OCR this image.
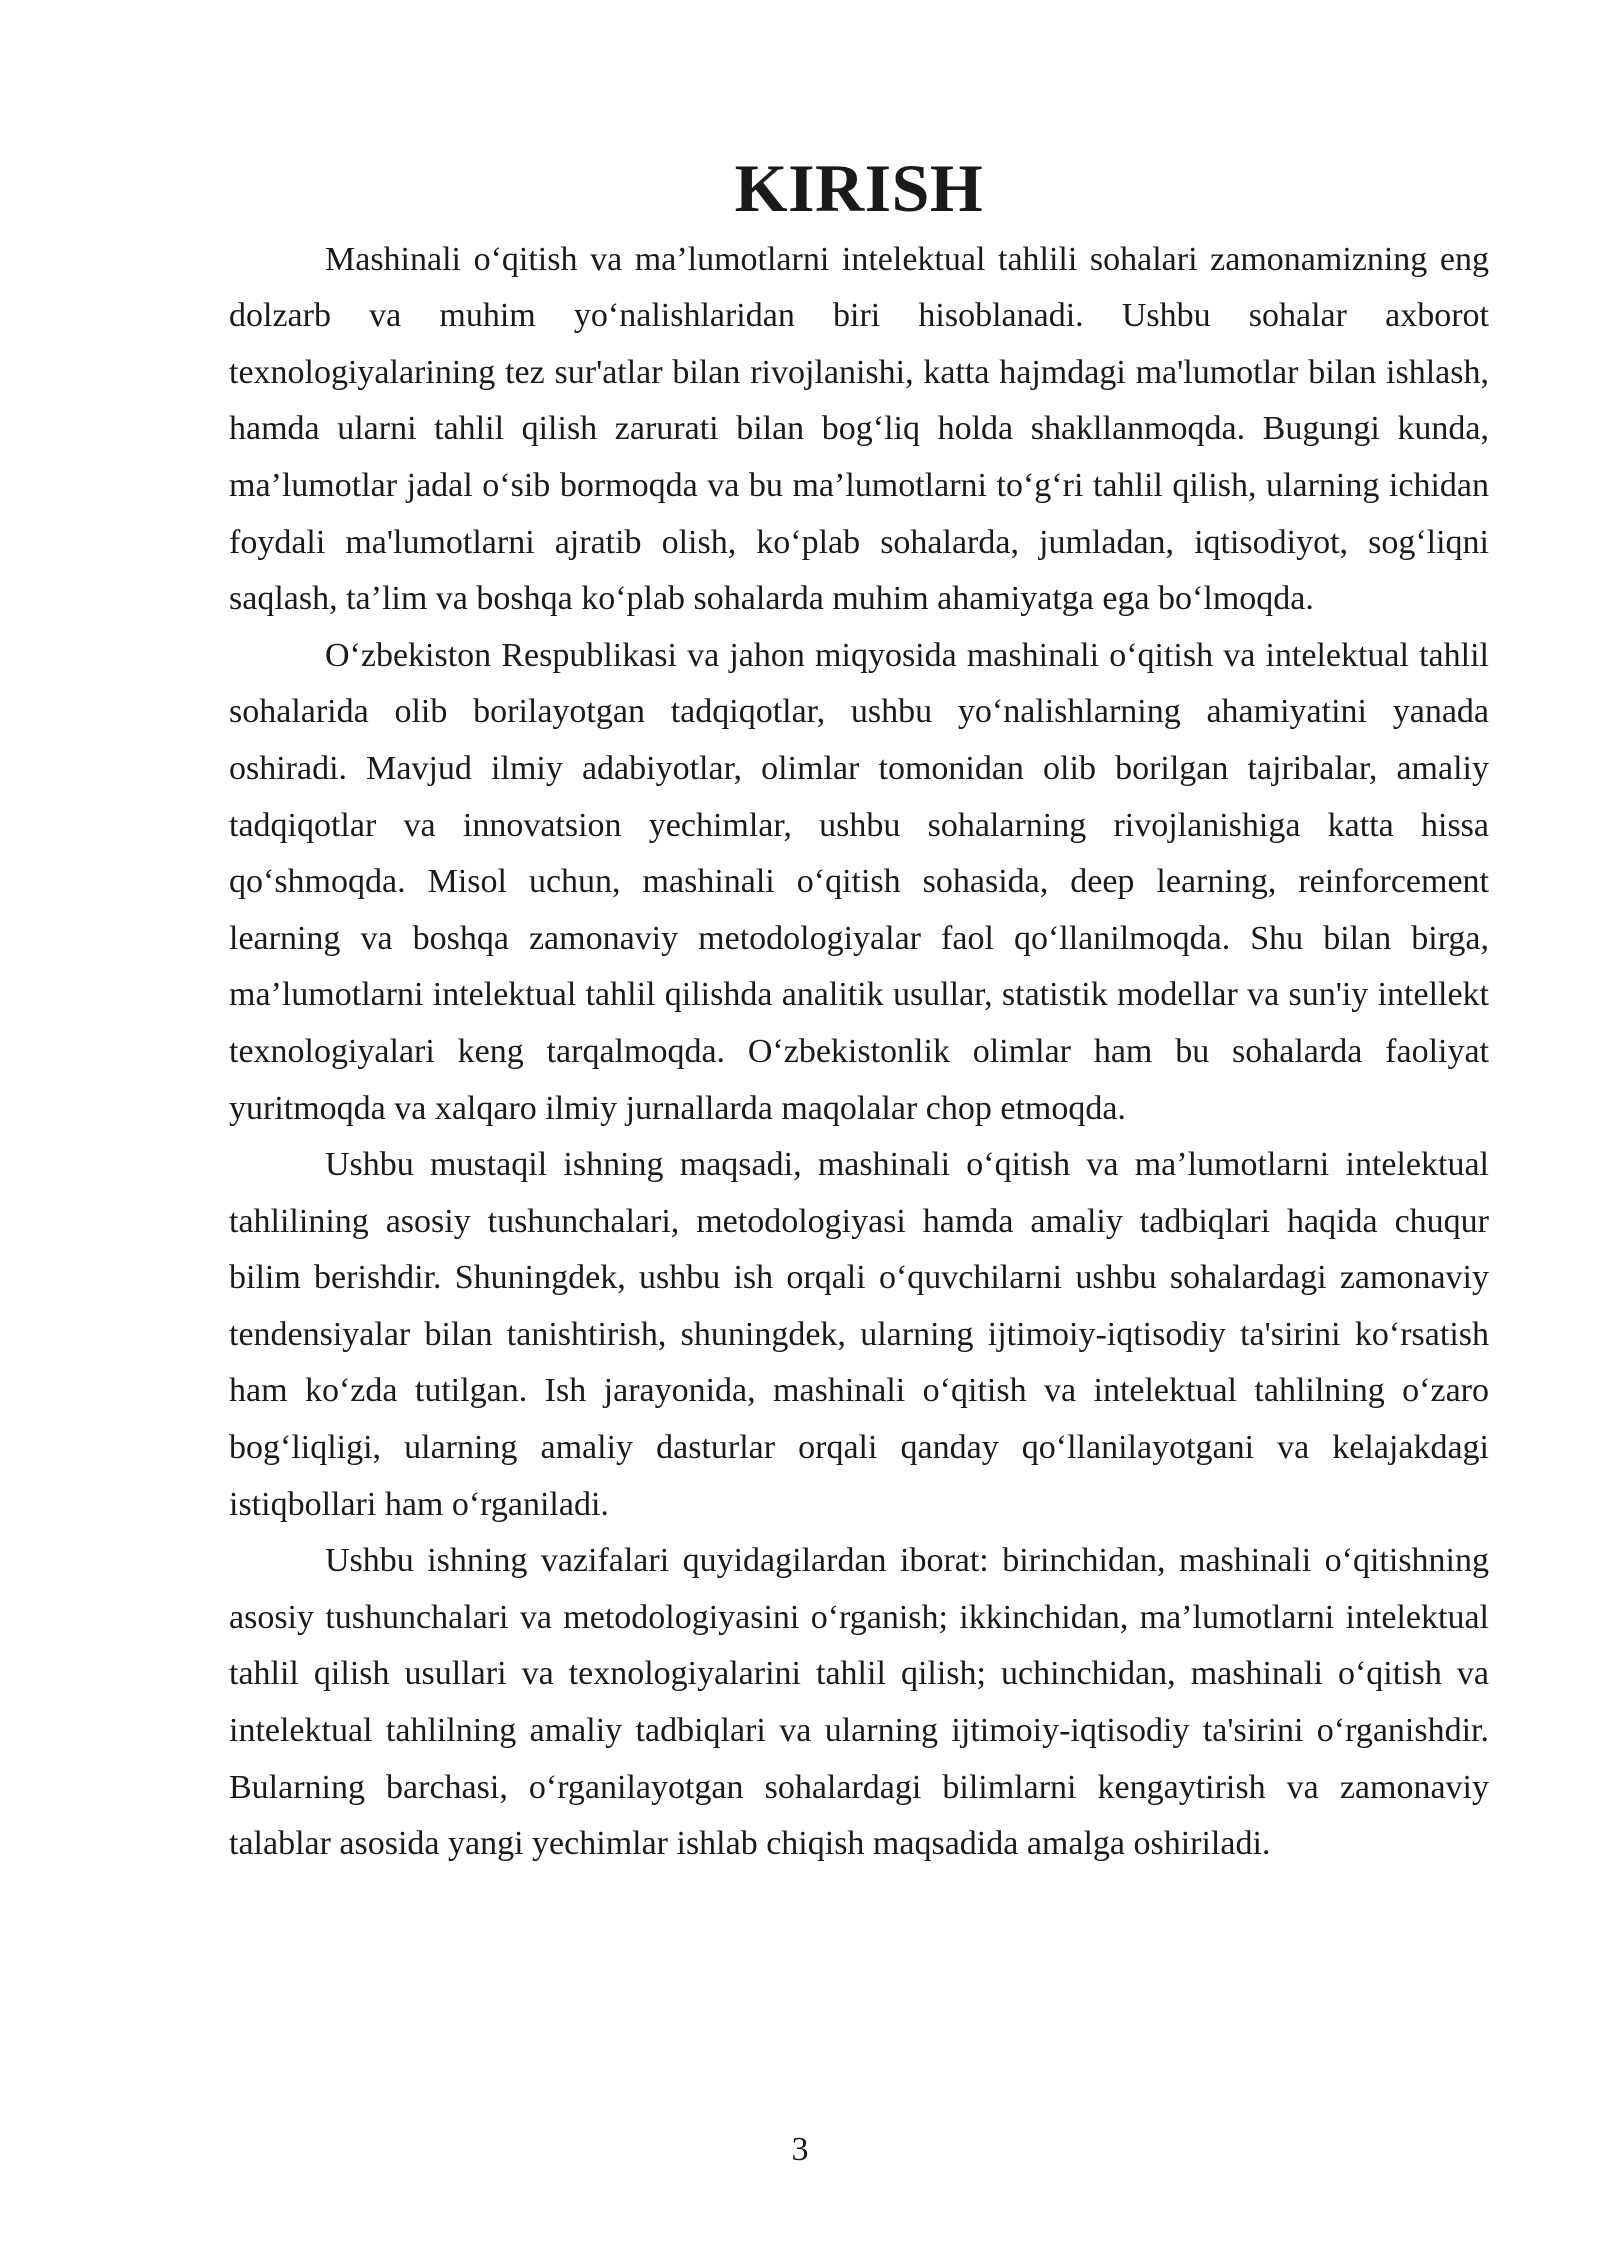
KIRISH

Mashinali o‘qitish va ma’lumotlarni intelektual tahlili sohalari zamonamizning eng dolzarb va muhim yo‘nalishlaridan biri hisoblanadi. Ushbu sohalar axborot texnologiyalarining tez sur'atlar bilan rivojlanishi, katta hajmdagi ma'lumotlar bilan ishlash, hamda ularni tahlil qilish zarurati bilan bog‘liq holda shakllanmoqda. Bugungi kunda, ma’lumotlar jadal o‘sib bormoqda va bu ma’lumotlarni to‘g‘ri tahlil qilish, ularning ichidan foydali ma'lumotlarni ajratib olish, ko‘plab sohalarda, jumladan, iqtisodiyot, sog‘liqni saqlash, ta’lim va boshqa ko‘plab sohalarda muhim ahamiyatga ega bo‘lmoqda.

O‘zbekiston Respublikasi va jahon miqyosida mashinali o‘qitish va intelektual tahlil sohalarida olib borilayotgan tadqiqotlar, ushbu yo‘nalishlarning ahamiyatini yanada oshiradi. Mavjud ilmiy adabiyotlar, olimlar tomonidan olib borilgan tajribalar, amaliy tadqiqotlar va innovatsion yechimlar, ushbu sohalarning rivojlanishiga katta hissa qo‘shmoqda. Misol uchun, mashinali o‘qitish sohasida, deep learning, reinforcement learning va boshqa zamonaviy metodologiyalar faol qo‘llanilmoqda. Shu bilan birga, ma’lumotlarni intelektual tahlil qilishda analitik usullar, statistik modellar va sun'iy intellekt texnologiyalari keng tarqalmoqda. O‘zbekistonlik olimlar ham bu sohalarda faoliyat yuritmoqda va xalqaro ilmiy jurnallarda maqolalar chop etmoqda.

Ushbu mustaqil ishning maqsadi, mashinali o‘qitish va ma’lumotlarni intelektual tahlilining asosiy tushunchalari, metodologiyasi hamda amaliy tadbiqlari haqida chuqur bilim berishdir. Shuningdek, ushbu ish orqali o‘quvchilarni ushbu sohalardagi zamonaviy tendensiyalar bilan tanishtirish, shuningdek, ularning ijtimoiy-iqtisodiy ta'sirini ko‘rsatish ham ko‘zda tutilgan. Ish jarayonida, mashinali o‘qitish va intelektual tahlilning o‘zaro bog‘liqligi, ularning amaliy dasturlar orqali qanday qo‘llanilayotgani va kelajakdagi istiqbollari ham o‘rganiladi.

Ushbu ishning vazifalari quyidagilardan iborat: birinchidan, mashinali o‘qitishning asosiy tushunchalari va metodologiyasini o‘rganish; ikkinchidan, ma’lumotlarni intelektual tahlil qilish usullari va texnologiyalarini tahlil qilish; uchinchidan, mashinali o‘qitish va intelektual tahlilning amaliy tadbiqlari va ularning ijtimoiy-iqtisodiy ta'sirini o‘rganishdir. Bularning barchasi, o‘rganilayotgan sohalardagi bilimlarni kengaytirish va zamonaviy talablar asosida yangi yechimlar ishlab chiqish maqsadida amalga oshiriladi.

3
